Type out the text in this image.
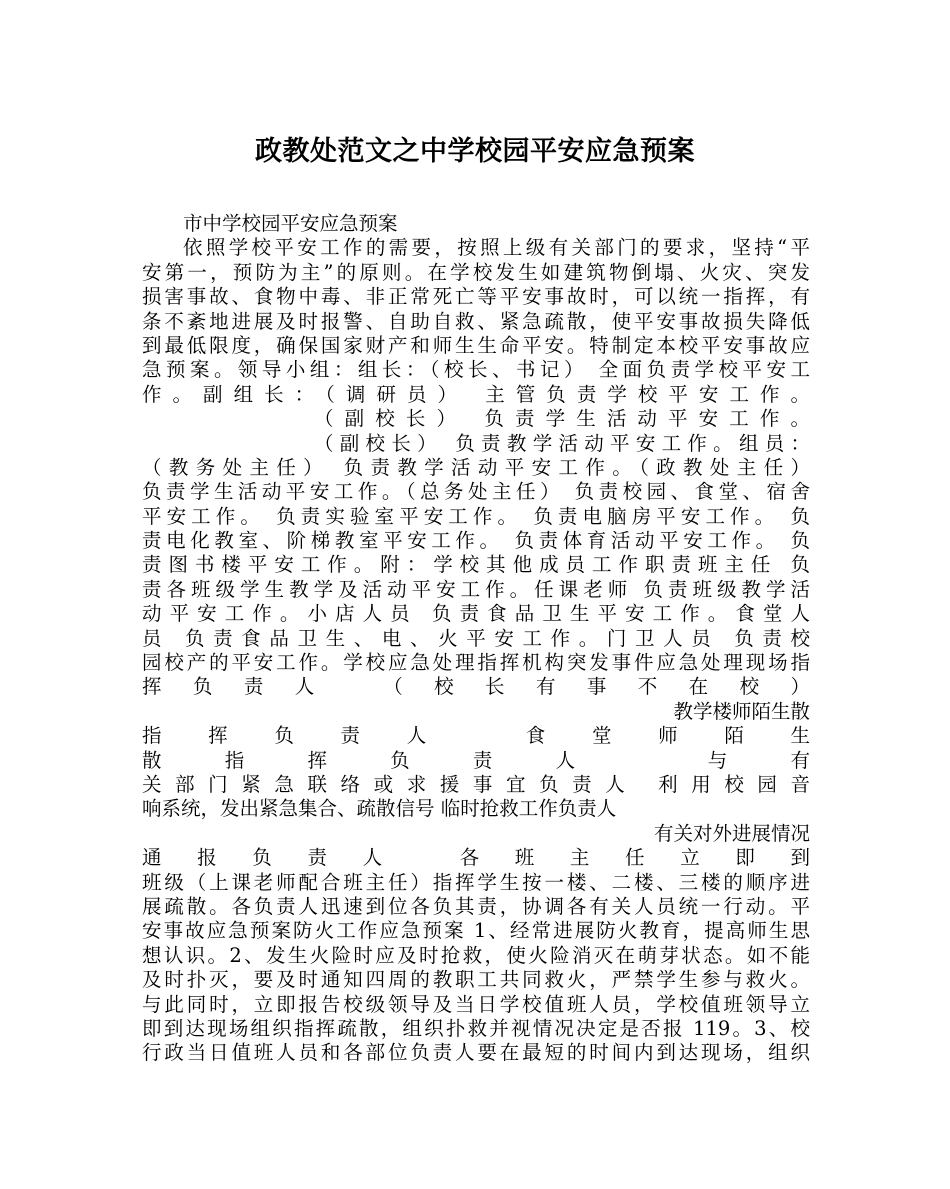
政教处范文之中学校园平安应急预案
市中学校园平安应急预案
依照学校平安工作的需要，按照上级有关部门的要求，坚持“平
安第一，预防为主”的原则。在学校发生如建筑物倒塌、火灾、突发
损害事故、食物中毒、非正常死亡等平安事故时，可以统一指挥，有
条不紊地进展及时报警、自助自救、紧急疏散，使平安事故损失降低
到最低限度，确保国家财产和师生生命平安。特制定本校平安事故应
急预案。领导小组：组长：（校长、书记） 全面负责学校平安工
作。副组长：（调研员） 主管负责学校平安工作。
（副校长） 负责学生活动平安工作。
（副校长） 负责教学活动平安工作。组员：
（教务处主任） 负责教学活动平安工作。（政教处主任）
负责学生活动平安工作。（总务处主任） 负责校园、食堂、宿舍
平安工作。 负责实验室平安工作。 负责电脑房平安工作。 负
责电化教室、阶梯教室平安工作。 负责体育活动平安工作。 负
责图书楼平安工作。附：学校其他成员工作职责班主任 负
责各班级学生教学及活动平安工作。任课老师 负责班级教学活
动平安工作。小店人员 负责食品卫生平安工作。食堂人
员 负责食品卫生、电、火平安工作。门卫人员 负责校
园校产的平安工作。学校应急处理指挥机构突发事件应急处理现场指
挥负责人 （校长有事不在校）
教学楼师陌生散
指挥负责人 食堂师陌生
散指挥负责人 与有
关部门紧急联络或求援事宜负责人 利用校园音
响系统，发出紧急集合、疏散信号 临时抢救工作负责人
有关对外进展情况
通报负责人 各班主任立即到
班级（上课老师配合班主任）指挥学生按一楼、二楼、三楼的顺序进
展疏散。各负责人迅速到位各负其责，协调各有关人员统一行动。平
安事故应急预案防火工作应急预案 1、经常进展防火教育，提高师生思
想认识。2、发生火险时应及时抢救，使火险消灭在萌芽状态。如不能
及时扑灭，要及时通知四周的教职工共同救火，严禁学生参与救火。
与此同时，立即报告校级领导及当日学校值班人员，学校值班领导立
即到达现场组织指挥疏散，组织扑救并视情况决定是否报 119。3、校
行政当日值班人员和各部位负责人要在最短的时间内到达现场，组织
